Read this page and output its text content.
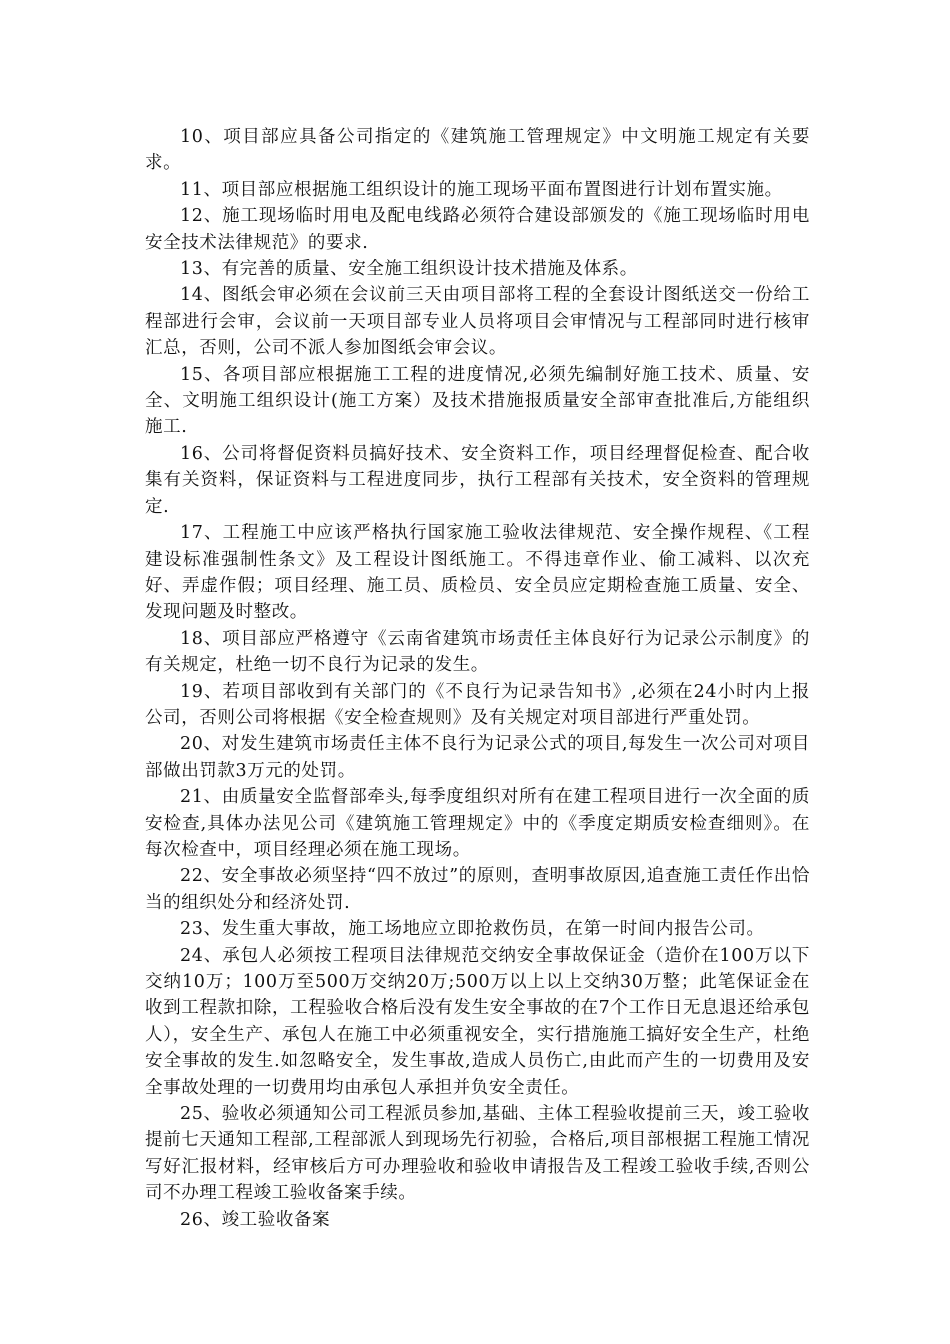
10、项目部应具备公司指定的《建筑施工管理规定》中文明施工规定有关要求。

11、项目部应根据施工组织设计的施工现场平面布置图进行计划布置实施。

12、施工现场临时用电及配电线路必须符合建设部颁发的《施工现场临时用电安全技术法律规范》的要求.

13、有完善的质量、安全施工组织设计技术措施及体系。

14、图纸会审必须在会议前三天由项目部将工程的全套设计图纸送交一份给工程部进行会审，会议前一天项目部专业人员将项目会审情况与工程部同时进行核审汇总，否则，公司不派人参加图纸会审会议。

15、各项目部应根据施工工程的进度情况,必须先编制好施工技术、质量、安全、文明施工组织设计(施工方案）及技术措施报质量安全部审查批准后,方能组织施工.

16、公司将督促资料员搞好技术、安全资料工作，项目经理督促检查、配合收集有关资料，保证资料与工程进度同步，执行工程部有关技术，安全资料的管理规定.

17、工程施工中应该严格执行国家施工验收法律规范、安全操作规程、《工程建设标准强制性条文》及工程设计图纸施工。不得违章作业、偷工减料、以次充好、弄虚作假；项目经理、施工员、质检员、安全员应定期检查施工质量、安全、发现问题及时整改。

18、项目部应严格遵守《云南省建筑市场责任主体良好行为记录公示制度》的有关规定，杜绝一切不良行为记录的发生。

19、若项目部收到有关部门的《不良行为记录告知书》,必须在24小时内上报公司，否则公司将根据《安全检查规则》及有关规定对项目部进行严重处罚。

20、对发生建筑市场责任主体不良行为记录公式的项目,每发生一次公司对项目部做出罚款3万元的处罚。

21、由质量安全监督部牵头,每季度组织对所有在建工程项目进行一次全面的质安检查,具体办法见公司《建筑施工管理规定》中的《季度定期质安检查细则》。在每次检查中，项目经理必须在施工现场。

22、安全事故必须坚持“四不放过”的原则，查明事故原因,追查施工责任作出恰当的组织处分和经济处罚.

23、发生重大事故，施工场地应立即抢救伤员，在第一时间内报告公司。

24、承包人必须按工程项目法律规范交纳安全事故保证金（造价在100万以下交纳10万；100万至500万交纳20万;500万以上以上交纳30万整；此笔保证金在收到工程款扣除，工程验收合格后没有发生安全事故的在7个工作日无息退还给承包人），安全生产、承包人在施工中必须重视安全，实行措施施工搞好安全生产，杜绝安全事故的发生.如忽略安全，发生事故,造成人员伤亡,由此而产生的一切费用及安全事故处理的一切费用均由承包人承担并负安全责任。

25、验收必须通知公司工程派员参加,基础、主体工程验收提前三天，竣工验收提前七天通知工程部,工程部派人到现场先行初验，合格后,项目部根据工程施工情况写好汇报材料，经审核后方可办理验收和验收申请报告及工程竣工验收手续,否则公司不办理工程竣工验收备案手续。

26、竣工验收备案
